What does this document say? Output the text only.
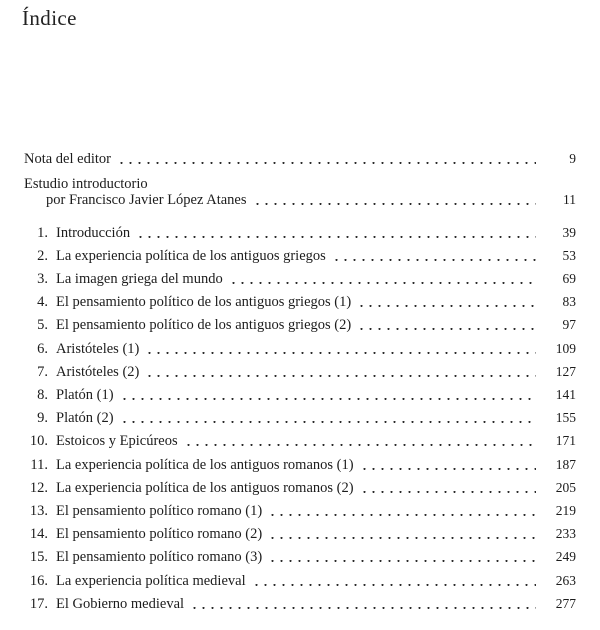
Índice
Nota del editor	9
Estudio introductorio
por Francisco Javier López Atanes	11
1. Introducción	39
2. La experiencia política de los antiguos griegos	53
3. La imagen griega del mundo	69
4. El pensamiento político de los antiguos griegos (1)	83
5. El pensamiento político de los antiguos griegos (2)	97
6. Aristóteles (1)	109
7. Aristóteles (2)	127
8. Platón (1)	141
9. Platón (2)	155
10. Estoicos y Epicúreos	171
11. La experiencia política de los antiguos romanos (1)	187
12. La experiencia política de los antiguos romanos (2)	205
13. El pensamiento político romano (1)	219
14. El pensamiento político romano (2)	233
15. El pensamiento político romano (3)	249
16. La experiencia política medieval	263
17. El Gobierno medieval	277
